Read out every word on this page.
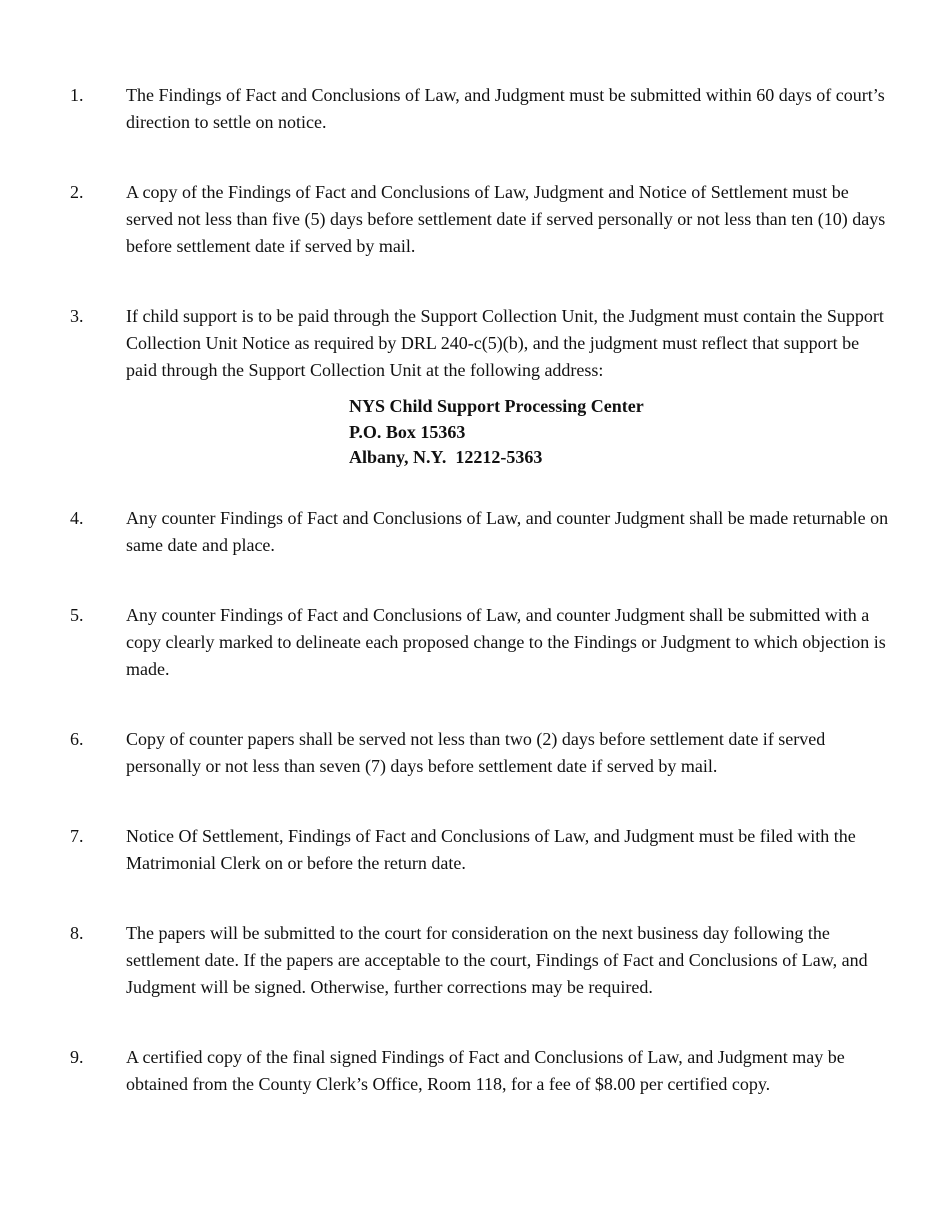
1.	The Findings of Fact and Conclusions of Law, and Judgment must be submitted within 60 days of court’s direction to settle on notice.
2.	A copy of the Findings of Fact and Conclusions of Law, Judgment and Notice of Settlement must be served not less than five (5) days before settlement date if served personally or not less than ten (10) days before settlement date if served by mail.
3.	If child support is to be paid through the Support Collection Unit, the Judgment must contain the Support Collection Unit Notice as required by DRL 240-c(5)(b), and the judgment must reflect that support be paid through the Support Collection Unit at the following address:
NYS Child Support Processing Center
P.O. Box 15363
Albany, N.Y.  12212-5363
4.	Any counter Findings of Fact and Conclusions of Law, and counter Judgment shall be made returnable on same date and place.
5.	Any counter Findings of Fact and Conclusions of Law, and counter Judgment shall be submitted with a copy clearly marked to delineate each proposed change to the Findings or Judgment to which objection is made.
6.	Copy of counter papers shall be served not less than two (2) days before settlement date if served personally or not less than seven (7) days before settlement date if served by mail.
7.	Notice Of Settlement, Findings of Fact and Conclusions of Law, and Judgment must be filed with the Matrimonial Clerk on or before the return date.
8.	The papers will be submitted to the court for consideration on the next business day following the settlement date. If the papers are acceptable to the court, Findings of Fact and Conclusions of Law, and Judgment will be signed. Otherwise, further corrections may be required.
9.	A certified copy of the final signed Findings of Fact and Conclusions of Law, and Judgment may be obtained from the County Clerk’s Office, Room 118, for a fee of $8.00 per certified copy.
